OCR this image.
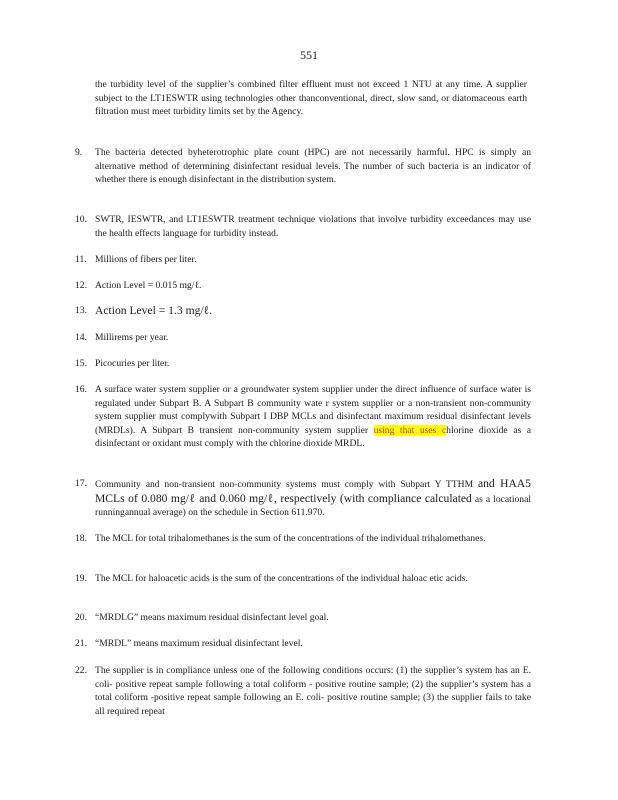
551
the turbidity level of the supplier’s combined filter effluent must not exceed 1 NTU at any time. A supplier subject to the LT1ESWTR using technologies other thanconventional, direct, slow sand, or diatomaceous earth filtration must meet turbidity limits set by the Agency.
9. The bacteria detected byheterotrophic plate count (HPC) are not necessarily harmful. HPC is simply an alternative method of determining disinfectant residual levels. The number of such bacteria is an indicator of whether there is enough disinfectant in the distribution system.
10. SWTR, IESWTR, and LT1ESWTR treatment technique violations that involve turbidity exceedances may use the health effects language for turbidity instead.
11. Millions of fibers per liter.
12. Action Level = 0.015 mg/ℓ.
13. Action Level = 1.3 mg/ℓ.
14. Millirems per year.
15. Picocuries per liter.
16. A surface water system supplier or a groundwater system supplier under the direct influence of surface water is regulated under Subpart B. A Subpart B community wate r system supplier or a non-transient non-community system supplier must complywith Subpart I DBP MCLs and disinfectant maximum residual disinfectant levels (MRDLs). A Subpart B transient non-community system supplier using that uses chlorine dioxide as a disinfectant or oxidant must comply with the chlorine dioxide MRDL.
17. Community and non-transient non-community systems must comply with Subpart Y TTHM and HAA5 MCLs of 0.080 mg/ℓ and 0.060 mg/ℓ, respectively (with compliance calculated as a locational runningannual average) on the schedule in Section 611.970.
18. The MCL for total trihalomethanes is the sum of the concentrations of the individual trihalomethanes.
19. The MCL for haloacetic acids is the sum of the concentrations of the individual haloac etic acids.
20. “MRDLG” means maximum residual disinfectant level goal.
21. “MRDL” means maximum residual disinfectant level.
22. The supplier is in compliance unless one of the following conditions occurs: (1) the supplier’s system has an E. coli- positive repeat sample following a total coliform - positive routine sample; (2) the supplier’s system has a total coliform -positive repeat sample following an E. coli- positive routine sample; (3) the supplier fails to take all required repeat
